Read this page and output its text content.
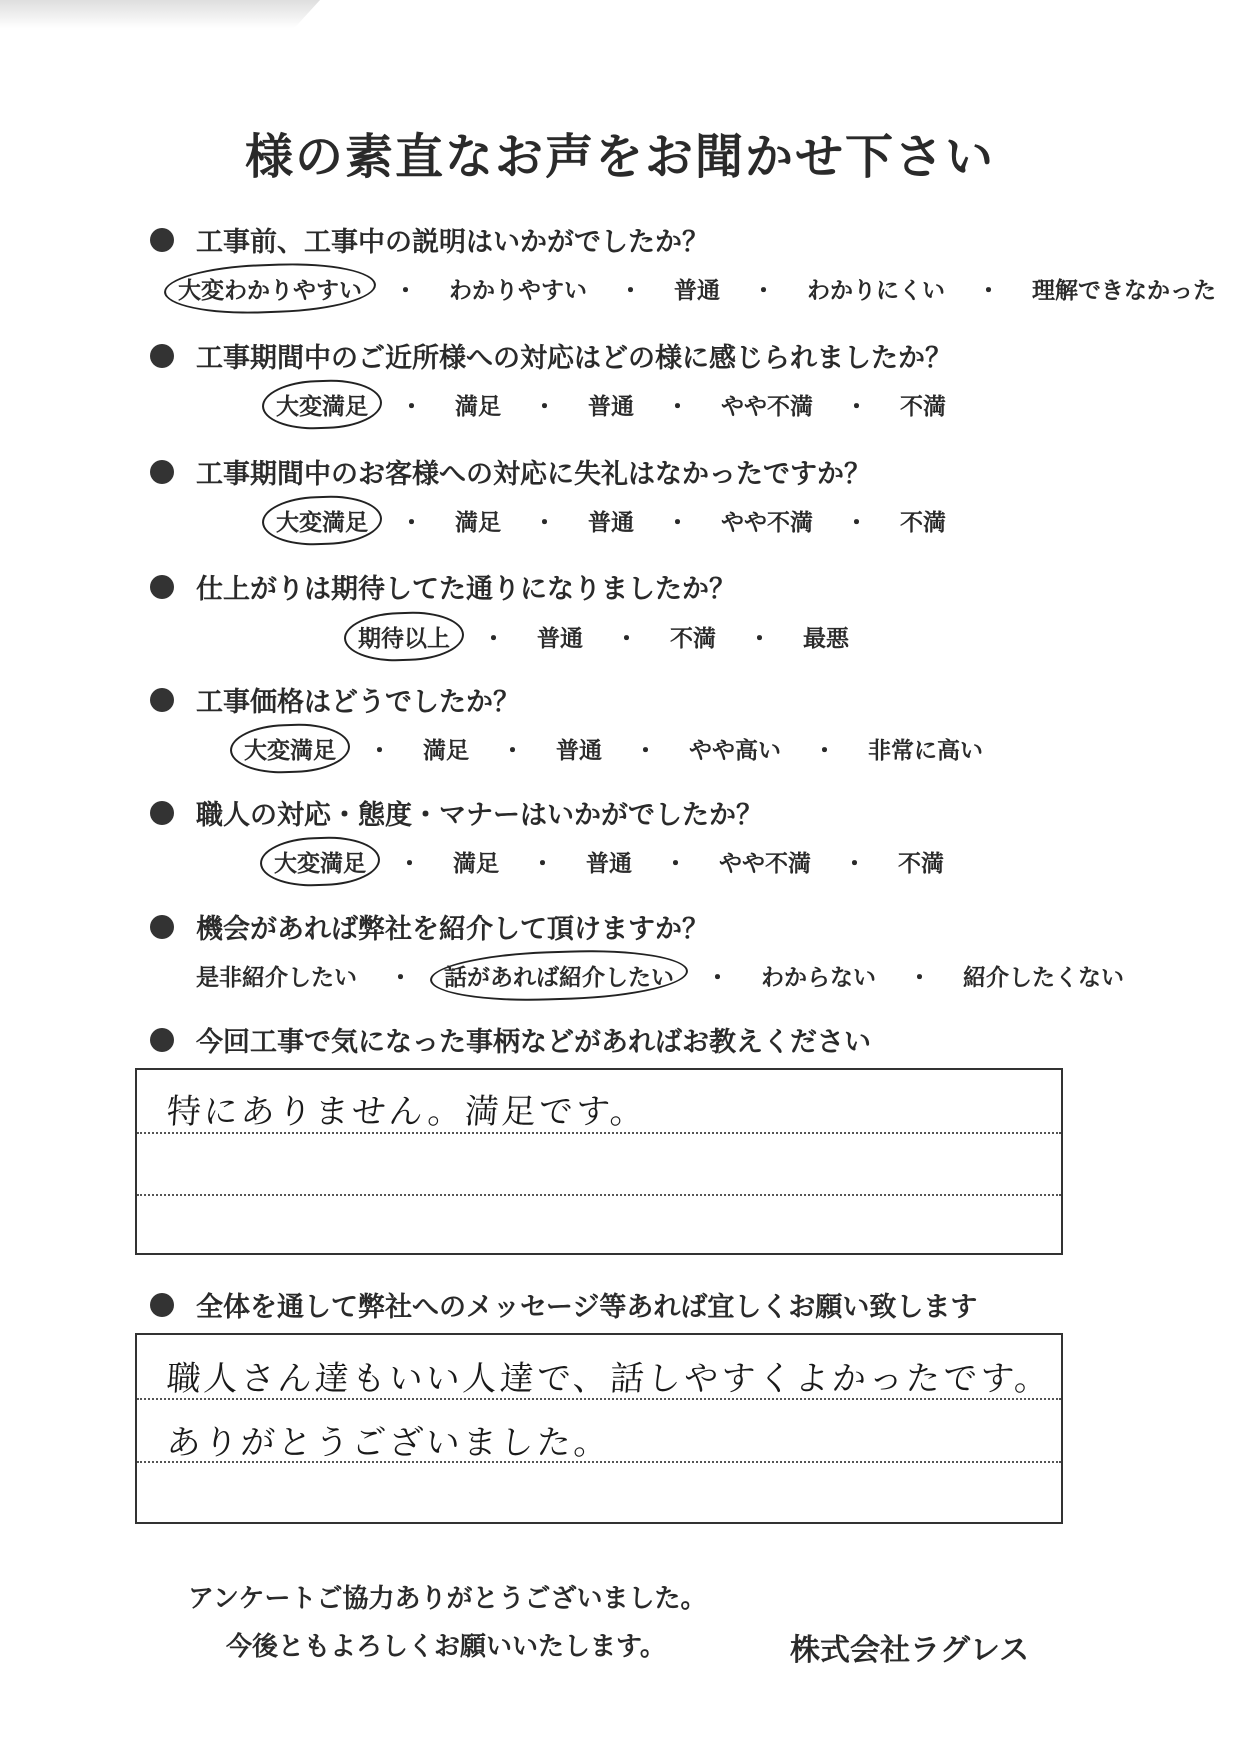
様の素直なお声をお聞かせ下さい
工事前、工事中の説明はいかがでしたか？
大変わかりやすい ・ わかりやすい ・ 普通 ・ わかりにくい ・ 理解できなかった
工事期間中のご近所様への対応はどの様に感じられましたか？
大変満足 ・ 満足 ・ 普通 ・ やや不満 ・ 不満
工事期間中のお客様への対応に失礼はなかったですか？
大変満足 ・ 満足 ・ 普通 ・ やや不満 ・ 不満
仕上がりは期待してた通りになりましたか？
期待以上 ・ 普通 ・ 不満 ・ 最悪
工事価格はどうでしたか？
大変満足 ・ 満足 ・ 普通 ・ やや高い ・ 非常に高い
職人の対応・態度・マナーはいかがでしたか？
大変満足 ・ 満足 ・ 普通 ・ やや不満 ・ 不満
機会があれば弊社を紹介して頂けますか？
是非紹介したい ・ 話があれば紹介したい ・ わからない ・ 紹介したくない
今回工事で気になった事柄などがあればお教えください
特にありません。満足です。
全体を通して弊社へのメッセージ等あれば宜しくお願い致します
職人さん達もいい人達で、話しやすくよかったです。
ありがとうございました。
アンケートご協力ありがとうございました。
今後ともよろしくお願いいたします。	株式会社ラグレス
